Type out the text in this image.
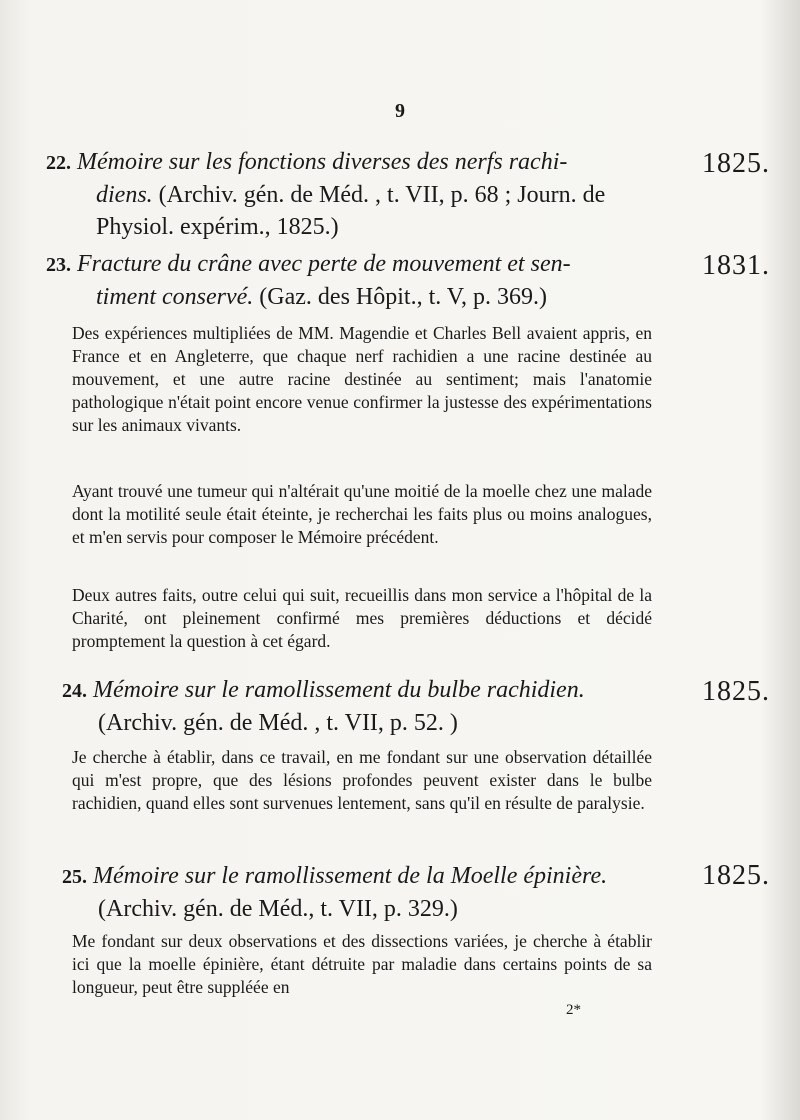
9
22. Mémoire sur les fonctions diverses des nerfs rachi-
diens. (Archiv. gén. de Méd. , t. VII, p. 68 ; Journ. de
Physiol. expérim., 1825.)
1825.
23. Fracture du crâne avec perte de mouvement et sen-
timent conservé. (Gaz. des Hôpit., t. V, p. 369.)
1831.
Des expériences multipliées de MM. Magendie et Charles Bell avaient appris, en France et en Angleterre, que chaque nerf rachidien a une racine destinée au mouvement, et une autre racine destinée au sentiment; mais l'anatomie pathologique n'était point encore venue confirmer la justesse des expérimentations sur les animaux vivants.
Ayant trouvé une tumeur qui n'altérait qu'une moitié de la moelle chez une malade dont la motilité seule était éteinte, je recherchai les faits plus ou moins analogues, et m'en servis pour composer le Mémoire précédent.
Deux autres faits, outre celui qui suit, recueillis dans mon service a l'hôpital de la Charité, ont pleinement confirmé mes premières déductions et décidé promptement la question à cet égard.
24. Mémoire sur le ramollissement du bulbe rachidien.
(Archiv. gén. de Méd. , t. VII, p. 52. )
1825.
Je cherche à établir, dans ce travail, en me fondant sur une observation détaillée qui m'est propre, que des lésions profondes peuvent exister dans le bulbe rachidien, quand elles sont survenues lentement, sans qu'il en résulte de paralysie.
25. Mémoire sur le ramollissement de la Moelle épinière.
(Archiv. gén. de Méd., t. VII, p. 329.)
1825.
Me fondant sur deux observations et des dissections variées, je cherche à établir ici que la moelle épinière, étant détruite par maladie dans certains points de sa longueur, peut être suppléée en
2*
